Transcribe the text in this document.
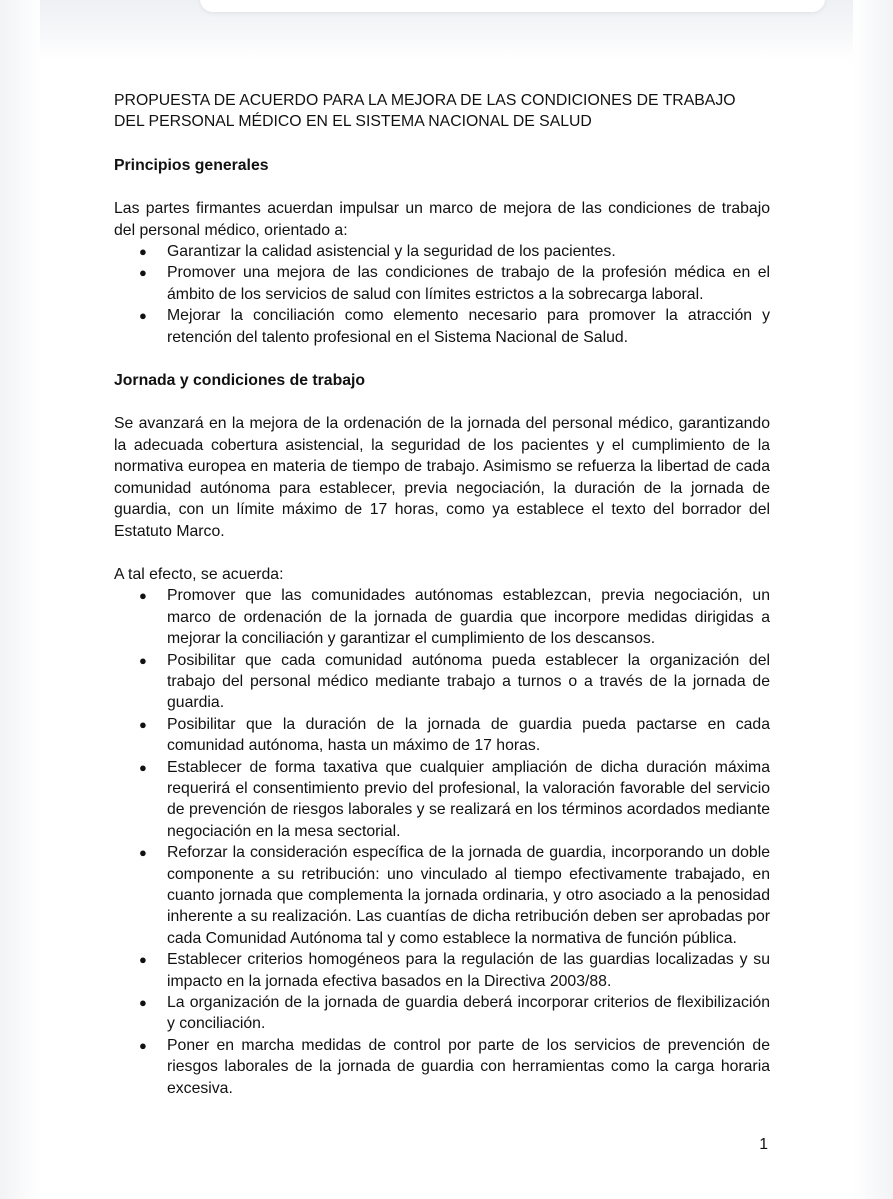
PROPUESTA DE ACUERDO PARA LA MEJORA DE LAS CONDICIONES DE TRABAJO DEL PERSONAL MÉDICO EN EL SISTEMA NACIONAL DE SALUD
Principios generales

Las partes firmantes acuerdan impulsar un marco de mejora de las condiciones de trabajo del personal médico, orientado a:

● Garantizar la calidad asistencial y la seguridad de los pacientes.
● Promover una mejora de las condiciones de trabajo de la profesión médica en el ámbito de los servicios de salud con límites estrictos a la sobrecarga laboral.
● Mejorar la conciliación como elemento necesario para promover la atracción y retención del talento profesional en el Sistema Nacional de Salud.
Jornada y condiciones de trabajo

Se avanzará en la mejora de la ordenación de la jornada del personal médico, garantizando la adecuada cobertura asistencial, la seguridad de los pacientes y el cumplimiento de la normativa europea en materia de tiempo de trabajo. Asimismo se refuerza la libertad de cada comunidad autónoma para establecer, previa negociación, la duración de la jornada de guardia, con un límite máximo de 17 horas, como ya establece el texto del borrador del Estatuto Marco.

A tal efecto, se acuerda:

● Promover que las comunidades autónomas establezcan, previa negociación, un marco de ordenación de la jornada de guardia que incorpore medidas dirigidas a mejorar la conciliación y garantizar el cumplimiento de los descansos.
● Posibilitar que cada comunidad autónoma pueda establecer la organización del trabajo del personal médico mediante trabajo a turnos o a través de la jornada de guardia.
● Posibilitar que la duración de la jornada de guardia pueda pactarse en cada comunidad autónoma, hasta un máximo de 17 horas.
● Establecer de forma taxativa que cualquier ampliación de dicha duración máxima requerirá el consentimiento previo del profesional, la valoración favorable del servicio de prevención de riesgos laborales y se realizará en los términos acordados mediante negociación en la mesa sectorial.
● Reforzar la consideración específica de la jornada de guardia, incorporando un doble componente a su retribución: uno vinculado al tiempo efectivamente trabajado, en cuanto jornada que complementa la jornada ordinaria, y otro asociado a la penosidad inherente a su realización. Las cuantías de dicha retribución deben ser aprobadas por cada Comunidad Autónoma tal y como establece la normativa de función pública.
● Establecer criterios homogéneos para la regulación de las guardias localizadas y su impacto en la jornada efectiva basados en la Directiva 2003/88.
● La organización de la jornada de guardia deberá incorporar criterios de flexibilización y conciliación.
● Poner en marcha medidas de control por parte de los servicios de prevención de riesgos laborales de la jornada de guardia con herramientas como la carga horaria excesiva.
1
